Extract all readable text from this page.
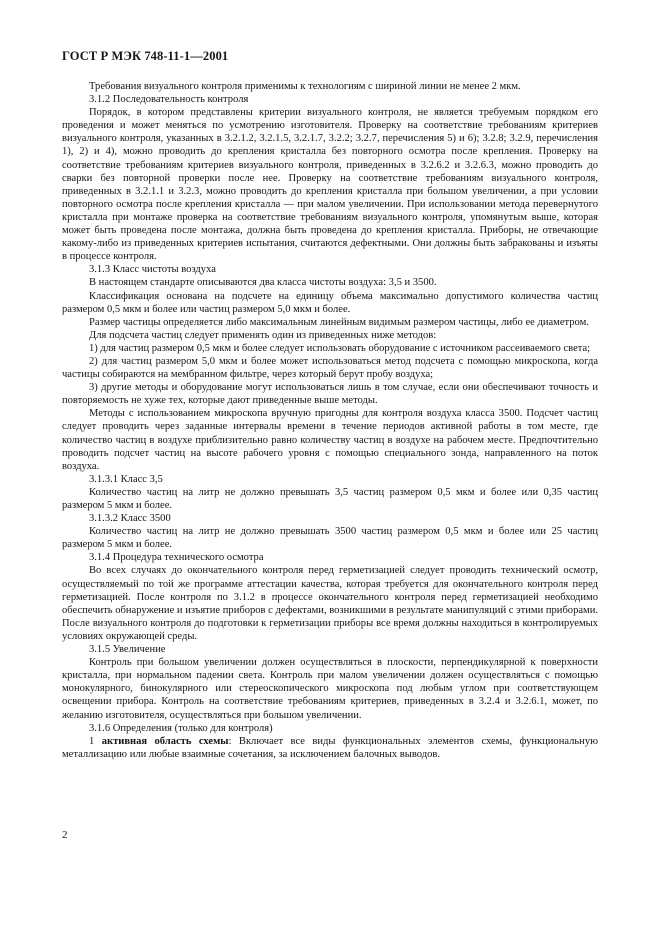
ГОСТ Р МЭК 748-11-1—2001

Требования визуального контроля применимы к технологиям с шириной линии не менее 2 мкм.

3.1.2 Последовательность контроля

Порядок, в котором представлены критерии визуального контроля, не является требуемым порядком его проведения и может меняться по усмотрению изготовителя. Проверку на соответствие требованиям критериев визуального контроля, указанных в 3.2.1.2, 3.2.1.5, 3.2.1.7, 3.2.2; 3.2.7, перечисления 5) и 6); 3.2.8; 3.2.9, перечисления 1), 2) и 4), можно проводить до крепления кристалла без повторного осмотра после крепления. Проверку на соответствие требованиям критериев визуального контроля, приведенных в 3.2.6.2 и 3.2.6.3, можно проводить до сварки без повторной проверки после нее. Проверку на соответствие требованиям визуального контроля, приведенных в 3.2.1.1 и 3.2.3, можно проводить до крепления кристалла при большом увеличении, а при условии повторного осмотра после крепления кристалла — при малом увеличении. При использовании метода перевернутого кристалла при монтаже проверка на соответствие требованиям визуального контроля, упомянутым выше, которая может быть проведена после монтажа, должна быть проведена до крепления кристалла. Приборы, не отвечающие какому-либо из приведенных критериев испытания, считаются дефектными. Они должны быть забракованы и изъяты в процессе контроля.

3.1.3 Класс чистоты воздуха

В настоящем стандарте описываются два класса чистоты воздуха: 3,5 и 3500.

Классификация основана на подсчете на единицу объема максимально допустимого количества частиц размером 0,5 мкм и более или частиц размером 5,0 мкм и более.

Размер частицы определяется либо максимальным линейным видимым размером частицы, либо ее диаметром.

Для подсчета частиц следует применять один из приведенных ниже методов:

1) для частиц размером 0,5 мкм и более следует использовать оборудование с источником рассеиваемого света;

2) для частиц размером 5,0 мкм и более может использоваться метод подсчета с помощью микроскопа, когда частицы собираются на мембранном фильтре, через который берут пробу воздуха;

3) другие методы и оборудование могут использоваться лишь в том случае, если они обеспечивают точность и повторяемость не хуже тех, которые дают приведенные выше методы.

Методы с использованием микроскопа вручную пригодны для контроля воздуха класса 3500. Подсчет частиц следует проводить через заданные интервалы времени в течение периодов активной работы в том месте, где количество частиц в воздухе приблизительно равно количеству частиц в воздухе на рабочем месте. Предпочтительно проводить подсчет частиц на высоте рабочего уровня с помощью специального зонда, направленного на поток воздуха.

3.1.3.1 Класс 3,5

Количество частиц на литр не должно превышать 3,5 частиц размером 0,5 мкм и более или 0,35 частиц размером 5 мкм и более.

3.1.3.2 Класс 3500

Количество частиц на литр не должно превышать 3500 частиц размером 0,5 мкм и более или 25 частиц размером 5 мкм и более.

3.1.4 Процедура технического осмотра

Во всех случаях до окончательного контроля перед герметизацией следует проводить технический осмотр, осуществляемый по той же программе аттестации качества, которая требуется для окончательного контроля перед герметизацией. После контроля по 3.1.2 в процессе окончательного контроля перед герметизацией необходимо обеспечить обнаружение и изъятие приборов с дефектами, возникшими в результате манипуляций с этими приборами. После визуального контроля до подготовки к герметизации приборы все время должны находиться в контролируемых условиях окружающей среды.

3.1.5 Увеличение

Контроль при большом увеличении должен осуществляться в плоскости, перпендикулярной к поверхности кристалла, при нормальном падении света. Контроль при малом увеличении должен осуществляться с помощью монокулярного, бинокулярного или стереоскопического микроскопа под любым углом при соответствующем освещении прибора. Контроль на соответствие требованиям критериев, приведенных в 3.2.4 и 3.2.6.1, может, по желанию изготовителя, осуществляться при большом увеличении.

3.1.6 Определения (только для контроля)

1 активная область схемы: Включает все виды функциональных элементов схемы, функциональную металлизацию или любые взаимные сочетания, за исключением балочных выводов.

2
